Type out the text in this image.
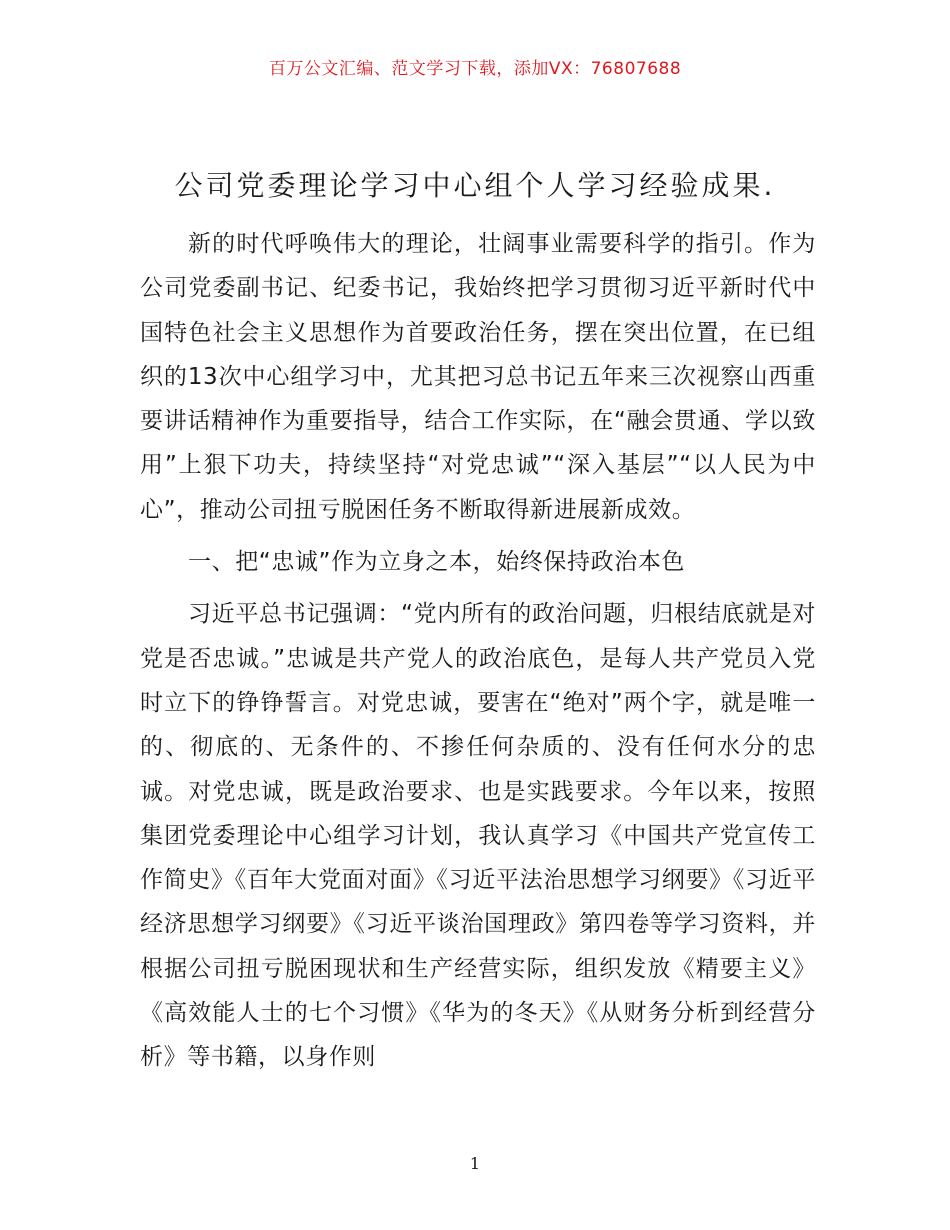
百万公文汇编、范文学习下载，添加VX：76807688
公司党委理论学习中心组个人学习经验成果.

新的时代呼唤伟大的理论，壮阔事业需要科学的指引。作为公司党委副书记、纪委书记，我始终把学习贯彻习近平新时代中国特色社会主义思想作为首要政治任务，摆在突出位置，在已组织的13次中心组学习中，尤其把习总书记五年来三次视察山西重要讲话精神作为重要指导，结合工作实际，在“融会贯通、学以致用”上狠下功夫，持续坚持“对党忠诚”“深入基层”“以人民为中心”，推动公司扭亏脱困任务不断取得新进展新成效。

一、把“忠诚”作为立身之本，始终保持政治本色

习近平总书记强调：“党内所有的政治问题，归根结底就是对党是否忠诚。”忠诚是共产党人的政治底色，是每人共产党员入党时立下的铮铮誓言。对党忠诚，要害在“绝对”两个字，就是唯一的、彻底的、无条件的、不掺任何杂质的、没有任何水分的忠诚。对党忠诚，既是政治要求、也是实践要求。今年以来，按照集团党委理论中心组学习计划，我认真学习《中国共产党宣传工作简史》《百年大党面对面》《习近平法治思想学习纲要》《习近平经济思想学习纲要》《习近平谈治国理政》第四卷等学习资料，并根据公司扭亏脱困现状和生产经营实际，组织发放《精要主义》《高效能人士的七个习惯》《华为的冬天》《从财务分析到经营分析》等书籍，以身作则

1
